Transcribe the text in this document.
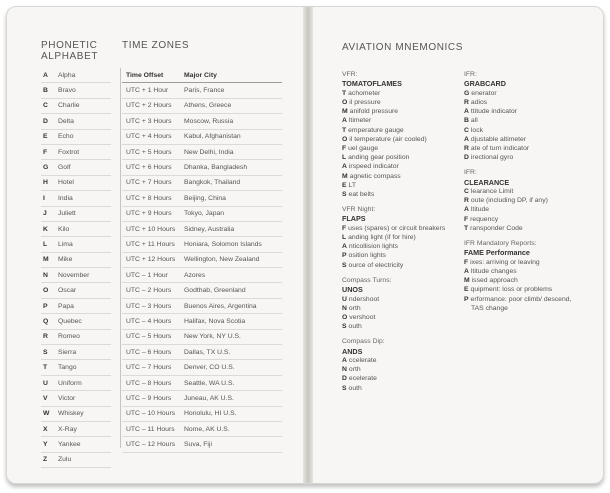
PHONETIC ALPHABET
TIME ZONES
A	Alpha
B	Bravo
C	Charlie
D	Delta
E	Echo
F	Foxtrot
G	Golf
H	Hotel
I	India
J	Juliett
K	Kilo
L	Lima
M	Mike
N	November
O	Oscar
P	Papa
Q	Quebec
R	Romeo
S	Sierra
T	Tango
U	Uniform
V	Victor
W	Whiskey
X	X-Ray
Y	Yankee
Z	Zulu
Time Offset	Major City
UTC + 1 Hour	Paris, France
UTC + 2 Hours	Athens, Greece
UTC + 3 Hours	Moscow, Russia
UTC + 4 Hours	Kabul, Afghanistan
UTC + 5 Hours	New Delhi, India
UTC + 6 Hours	Dhanka, Bangladesh
UTC + 7 Hours	Bangkok, Thailand
UTC + 8 Hours	Beijing, China
UTC + 9 Hours	Tokyo, Japan
UTC + 10 Hours	Sidney, Australia
UTC + 11 Hours	Honiara, Solomon Islands
UTC + 12 Hours	Wellington, New Zealand
UTC – 1 Hour	Azores
UTC – 2 Hours	Godthab, Greenland
UTC – 3 Hours	Buenos Aires, Argentina
UTC – 4 Hours	Halifax, Nova Scotia
UTC – 5 Hours	New York, NY U.S.
UTC – 6 Hours	Dallas, TX U.S.
UTC – 7 Hours	Denver, CO U.S.
UTC – 8 Hours	Seattle, WA U.S.
UTC – 9 Hours	Juneau, AK U.S.
UTC – 10 Hours	Honolulu, HI U.S.
UTC – 11 Hours	Nome, AK U.S.
UTC – 12 Hours	Suva, Fiji
AVIATION MNEMONICS
VFR:
TOMATOFLAMES
T achometer
O il pressure
M anifold pressure
A ltimeter
T emperature gauge
O il temperature (air cooled)
F uel gauge
L anding gear position
A irspeed indicator
M agnetic compass
E LT
S eat belts
VFR Night:
FLAPS
F uses (spares) or circuit breakers
L anding light (if for hire)
A nticollision lights
P osition lights
S ource of electricity
Compass Turns:
UNOS
U ndershoot
N orth
O vershoot
S outh
Compass Dip:
ANDS
A ccelerate
N orth
D ecelerate
S outh
IFR:
GRABCARD
G enerator
R adios
A ttitude indicator
B all
C lock
A djustable altimeter
R ate of turn indicator
D irectional gyro
IFR:
CLEARANCE
C learance Limit
R oute (including DP, if any)
A ltitude
F requency
T ransponder Code
IFR Mandatory Reports:
FAME Performance
F ixes: arriving or leaving
A ltitude changes
M issed approach
E quipment: loss or problems
P erformance: poor climb/ descend, TAS change
